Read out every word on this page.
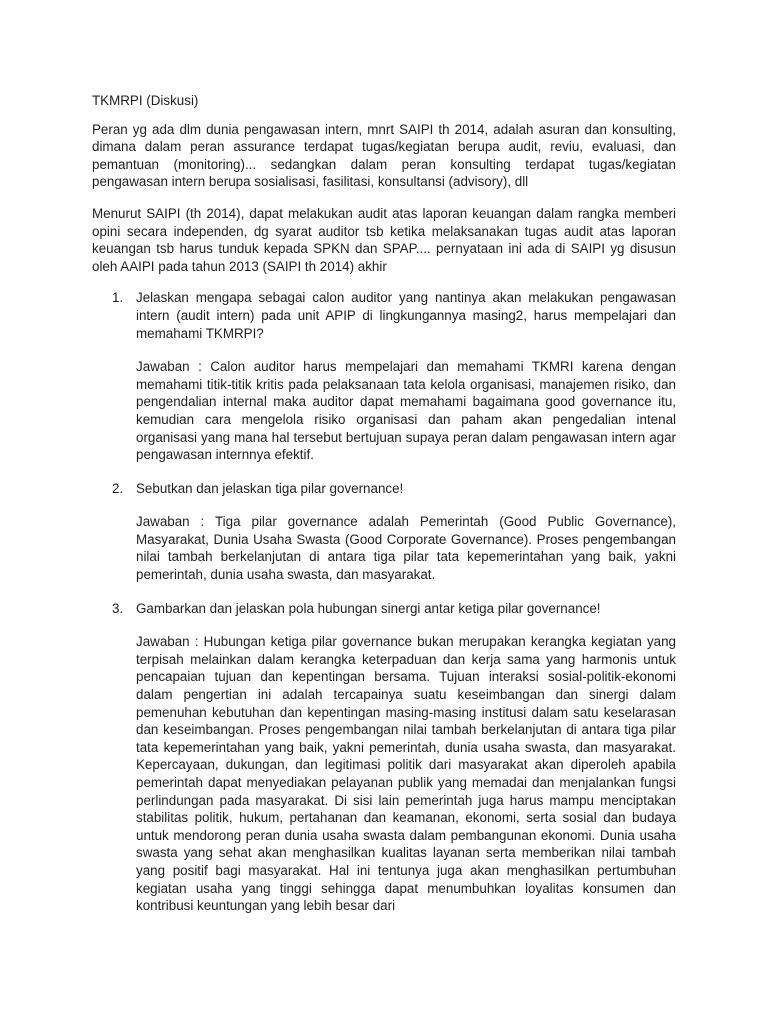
TKMRPI (Diskusi)

Peran yg ada dlm dunia pengawasan intern, mnrt SAIPI th 2014, adalah asuran dan konsulting, dimana dalam peran assurance terdapat tugas/kegiatan berupa audit, reviu, evaluasi, dan pemantuan (monitoring)... sedangkan dalam peran konsulting terdapat tugas/kegiatan pengawasan intern berupa sosialisasi, fasilitasi, konsultansi (advisory), dll

Menurut SAIPI (th 2014), dapat melakukan audit atas laporan keuangan dalam rangka memberi opini secara independen, dg syarat auditor tsb ketika melaksanakan tugas audit atas laporan keuangan tsb harus tunduk kepada SPKN dan SPAP.... pernyataan ini ada di SAIPI yg disusun oleh AAIPI pada tahun 2013 (SAIPI th 2014) akhir

1. Jelaskan mengapa sebagai calon auditor yang nantinya akan melakukan pengawasan intern (audit intern) pada unit APIP di lingkungannya masing2, harus mempelajari dan memahami TKMRPI?
Jawaban : Calon auditor harus mempelajari dan memahami TKMRI karena dengan memahami titik-titik kritis pada pelaksanaan tata kelola organisasi, manajemen risiko, dan pengendalian internal maka auditor dapat memahami bagaimana good governance itu, kemudian cara mengelola risiko organisasi dan paham akan pengedalian intenal organisasi yang mana hal tersebut bertujuan supaya peran dalam pengawasan intern agar pengawasan internnya efektif.
2. Sebutkan dan jelaskan tiga pilar governance!
Jawaban : Tiga pilar governance adalah Pemerintah (Good Public Governance), Masyarakat, Dunia Usaha Swasta (Good Corporate Governance). Proses pengembangan nilai tambah berkelanjutan di antara tiga pilar tata kepemerintahan yang baik, yakni pemerintah, dunia usaha swasta, dan masyarakat.
3. Gambarkan dan jelaskan pola hubungan sinergi antar ketiga pilar governance!
Jawaban : Hubungan ketiga pilar governance bukan merupakan kerangka kegiatan yang terpisah melainkan dalam kerangka keterpaduan dan kerja sama yang harmonis untuk pencapaian tujuan dan kepentingan bersama. Tujuan interaksi sosial-politik-ekonomi dalam pengertian ini adalah tercapainya suatu keseimbangan dan sinergi dalam pemenuhan kebutuhan dan kepentingan masing-masing institusi dalam satu keselarasan dan keseimbangan. Proses pengembangan nilai tambah berkelanjutan di antara tiga pilar tata kepemerintahan yang baik, yakni pemerintah, dunia usaha swasta, dan masyarakat. Kepercayaan, dukungan, dan legitimasi politik dari masyarakat akan diperoleh apabila pemerintah dapat menyediakan pelayanan publik yang memadai dan menjalankan fungsi perlindungan pada masyarakat. Di sisi lain pemerintah juga harus mampu menciptakan stabilitas politik, hukum, pertahanan dan keamanan, ekonomi, serta sosial dan budaya untuk mendorong peran dunia usaha swasta dalam pembangunan ekonomi. Dunia usaha swasta yang sehat akan menghasilkan kualitas layanan serta memberikan nilai tambah yang positif bagi masyarakat. Hal ini tentunya juga akan menghasilkan pertumbuhan kegiatan usaha yang tinggi sehingga dapat menumbuhkan loyalitas konsumen dan kontribusi keuntungan yang lebih besar dari
